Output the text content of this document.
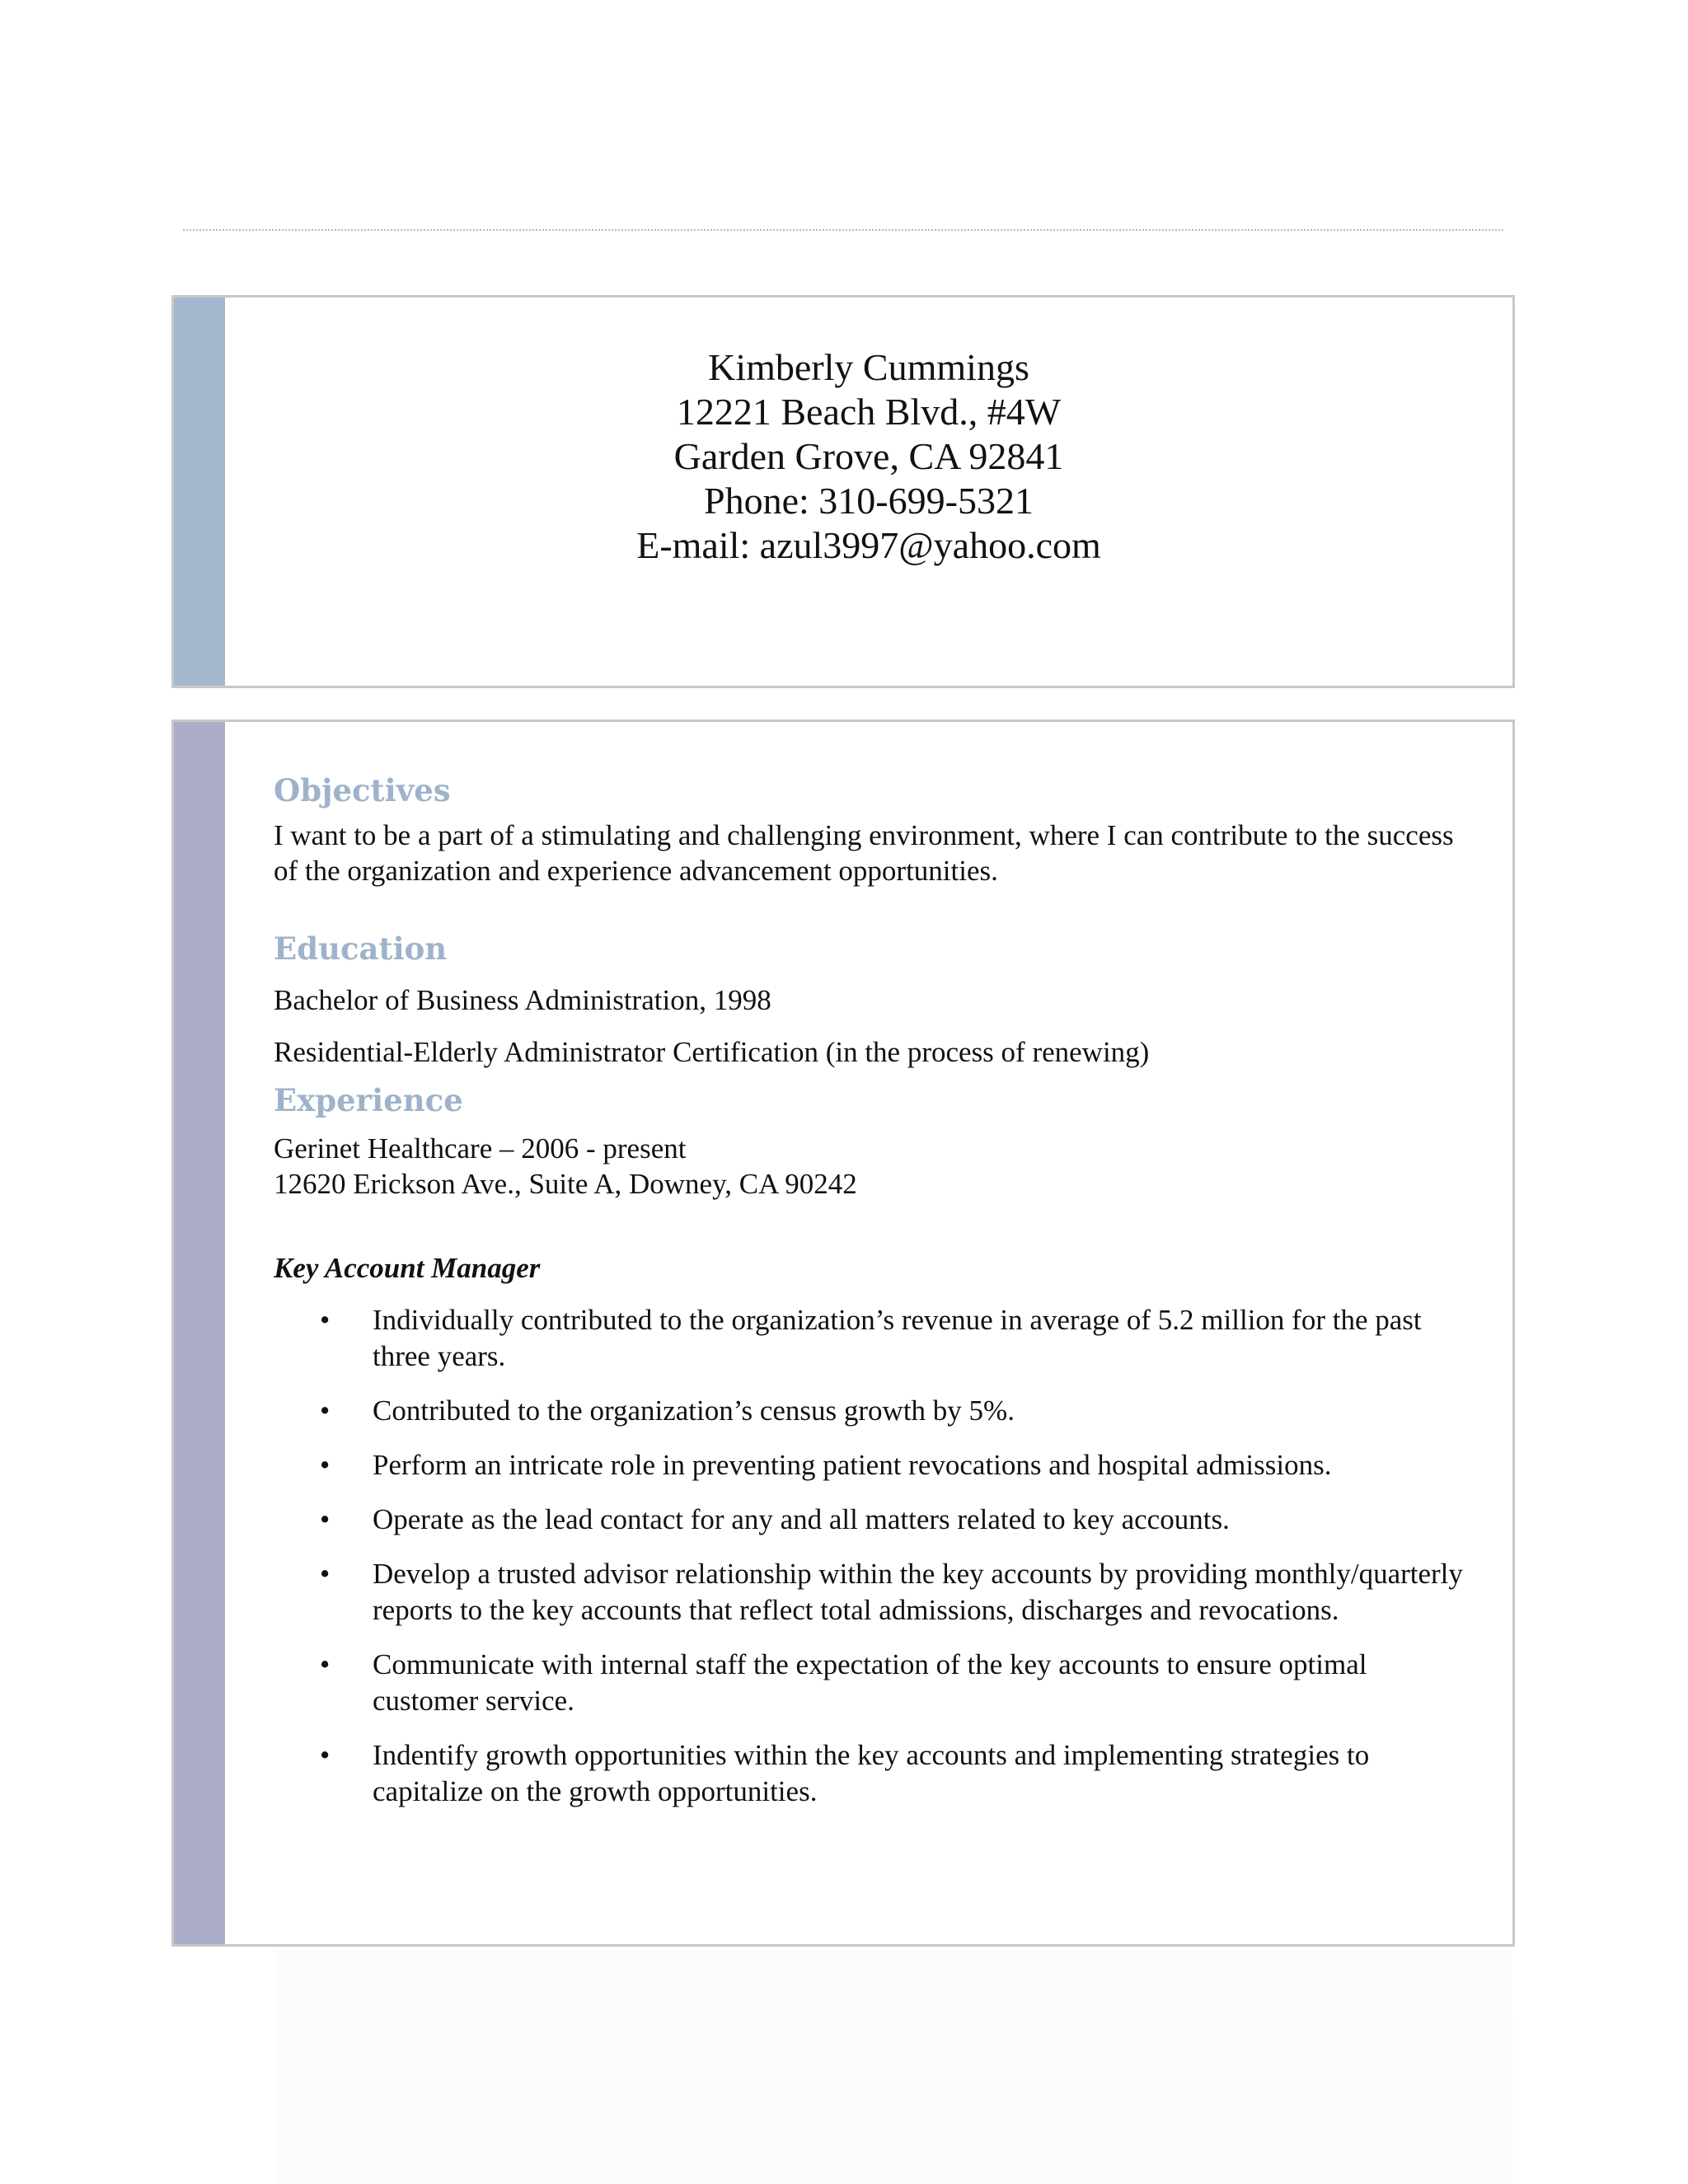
Kimberly Cummings
12221 Beach Blvd., #4W
Garden Grove, CA 92841
Phone: 310-699-5321
E-mail: azul3997@yahoo.com
Objectives

I want to be a part of a stimulating and challenging environment, where I can contribute to the success of the organization and experience advancement opportunities.

Education

Bachelor of Business Administration, 1998

Residential-Elderly Administrator Certification (in the process of renewing)

Experience

Gerinet Healthcare – 2006 - present

12620 Erickson Ave., Suite A, Downey, CA 90242

Key Account Manager

• Individually contributed to the organization’s revenue in average of 5.2 million for the past three years.
• Contributed to the organization’s census growth by 5%.
• Perform an intricate role in preventing patient revocations and hospital admissions.
• Operate as the lead contact for any and all matters related to key accounts.
• Develop a trusted advisor relationship within the key accounts by providing monthly/quarterly reports to the key accounts that reflect total admissions, discharges and revocations.
• Communicate with internal staff the expectation of the key accounts to ensure optimal customer service.
• Indentify growth opportunities within the key accounts and implementing strategies to capitalize on the growth opportunities.
